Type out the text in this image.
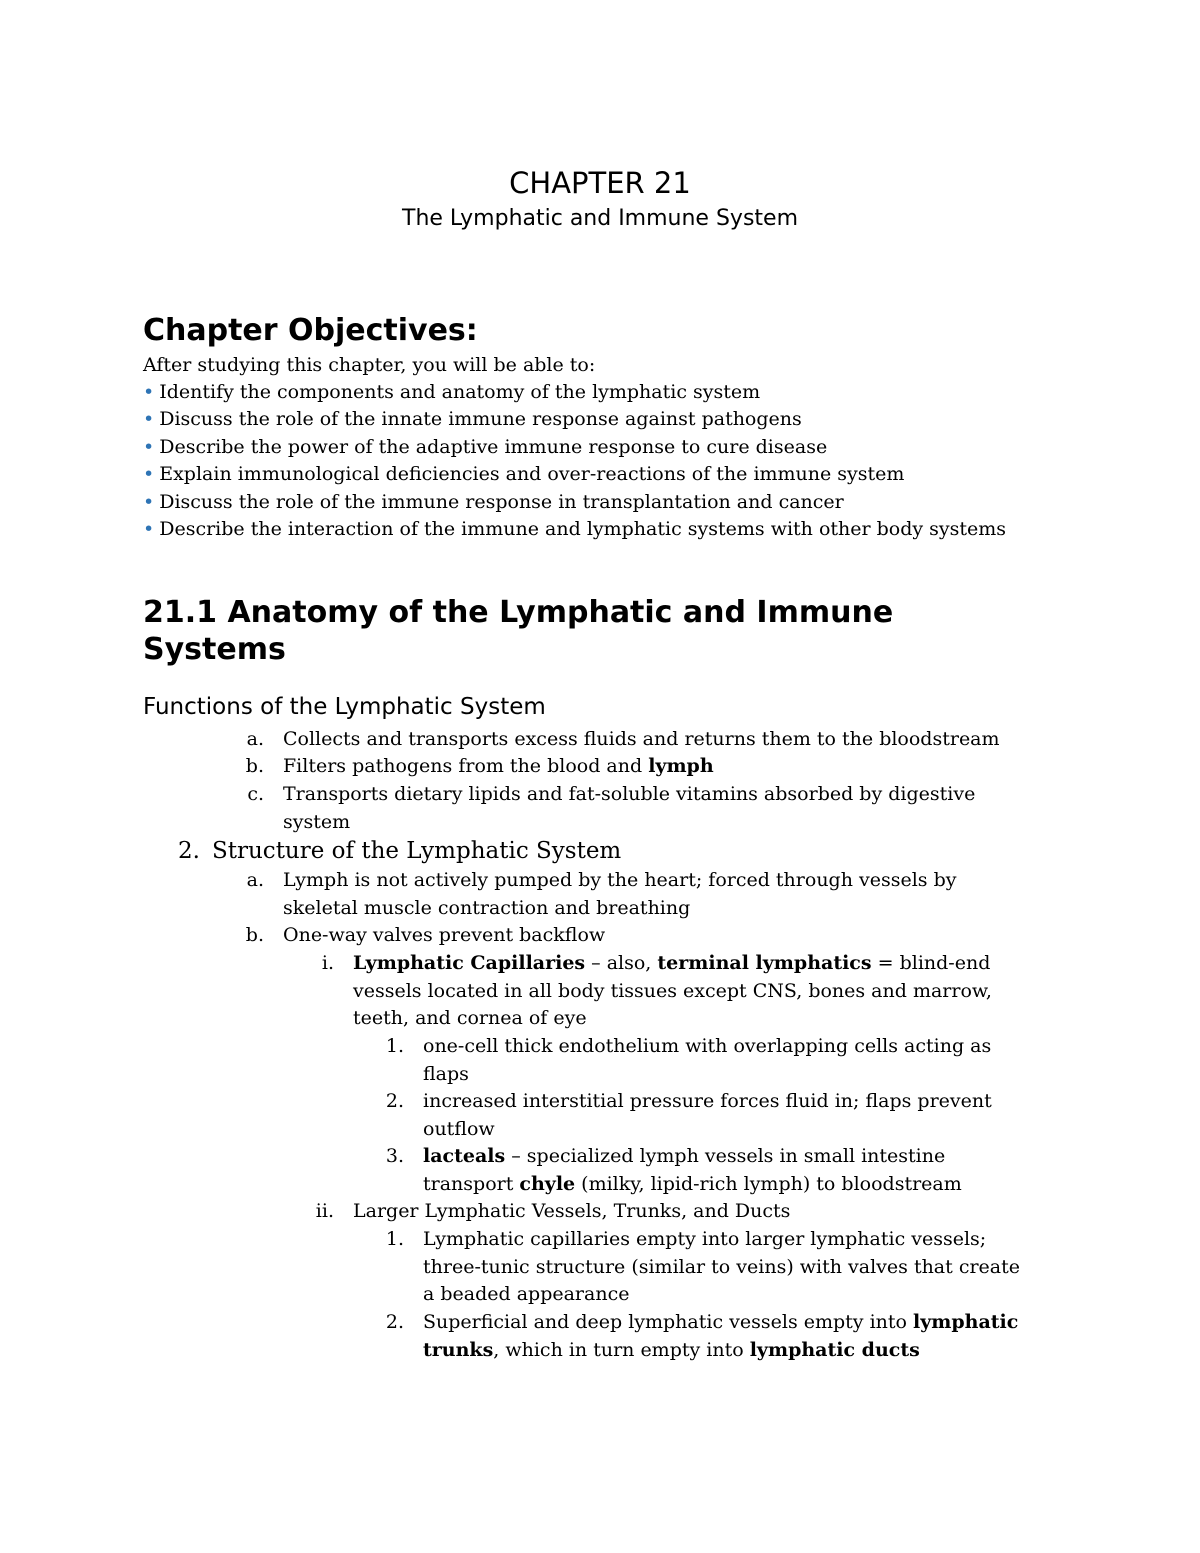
CHAPTER 21
The Lymphatic and Immune System
Chapter Objectives:
After studying this chapter, you will be able to:
• Identify the components and anatomy of the lymphatic system
• Discuss the role of the innate immune response against pathogens
• Describe the power of the adaptive immune response to cure disease
• Explain immunological deficiencies and over-reactions of the immune system
• Discuss the role of the immune response in transplantation and cancer
• Describe the interaction of the immune and lymphatic systems with other body systems
21.1 Anatomy of the Lymphatic and Immune
Systems
Functions of the Lymphatic System
a. Collects and transports excess fluids and returns them to the bloodstream
b. Filters pathogens from the blood and lymph
c. Transports dietary lipids and fat-soluble vitamins absorbed by digestive
system
2. Structure of the Lymphatic System
a. Lymph is not actively pumped by the heart; forced through vessels by
skeletal muscle contraction and breathing
b. One-way valves prevent backflow
i. Lymphatic Capillaries – also, terminal lymphatics = blind-end
vessels located in all body tissues except CNS, bones and marrow,
teeth, and cornea of eye
1. one-cell thick endothelium with overlapping cells acting as
flaps
2. increased interstitial pressure forces fluid in; flaps prevent
outflow
3. lacteals – specialized lymph vessels in small intestine
transport chyle (milky, lipid-rich lymph) to bloodstream
ii. Larger Lymphatic Vessels, Trunks, and Ducts
1. Lymphatic capillaries empty into larger lymphatic vessels;
three-tunic structure (similar to veins) with valves that create
a beaded appearance
2. Superficial and deep lymphatic vessels empty into lymphatic
trunks, which in turn empty into lymphatic ducts
